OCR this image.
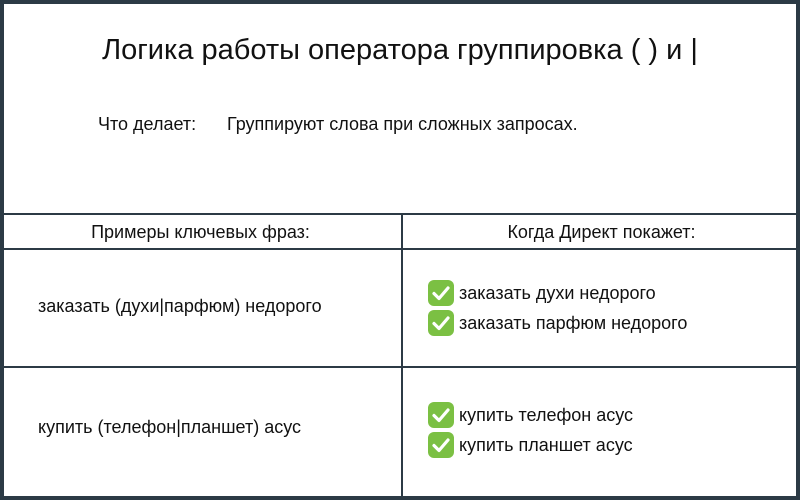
Логика работы оператора группировка ( ) и |
Что делает: Группируют слова при сложных запросах.
Примеры ключевых фраз:	Когда Директ покажет:
заказать (духи|парфюм) недорого
заказать духи недорого
заказать парфюм недорого
купить (телефон|планшет) асус
купить телефон асус
купить планшет асус
